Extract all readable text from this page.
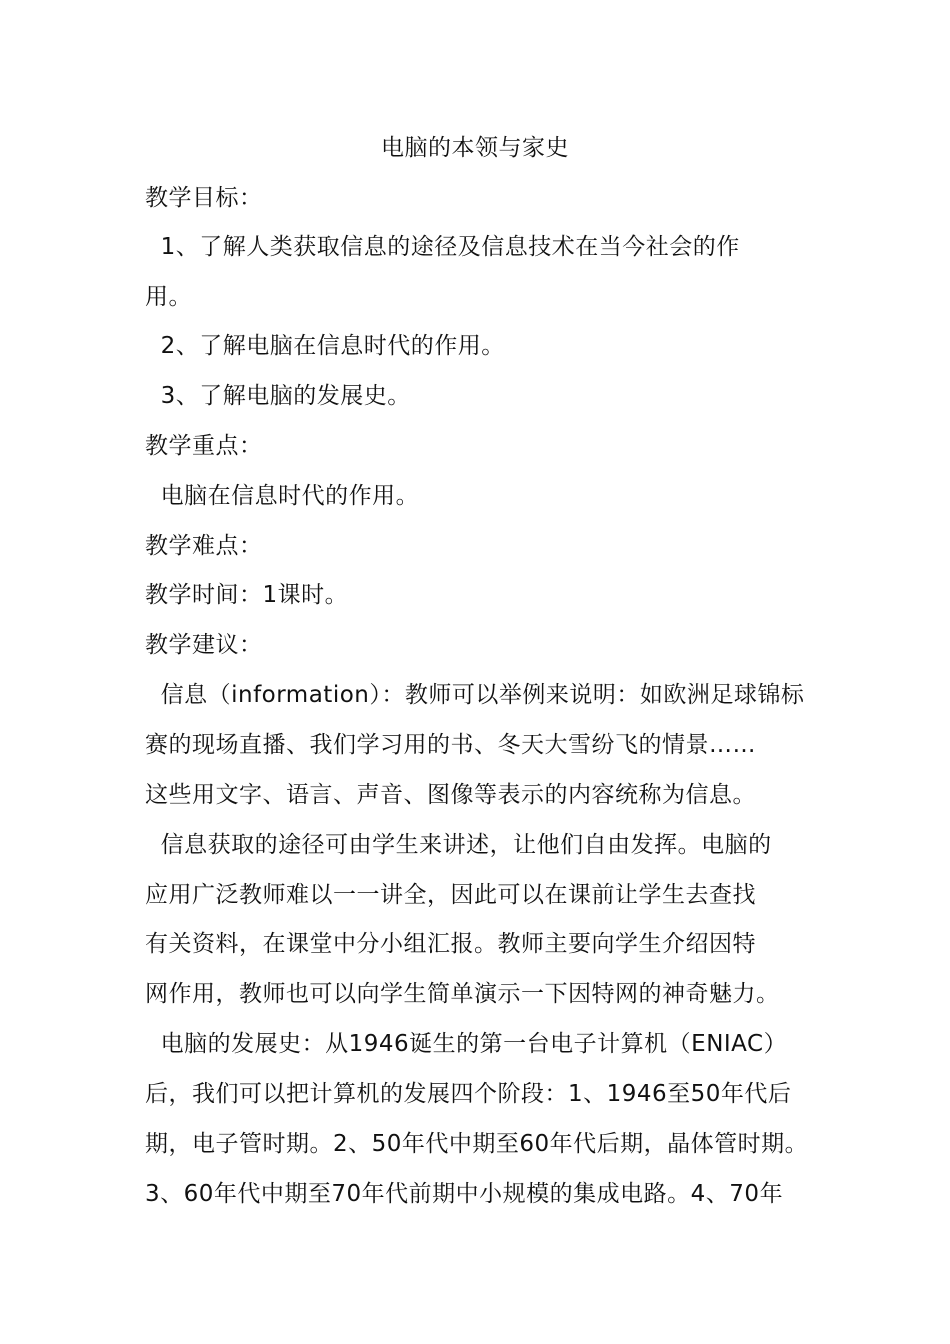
电脑的本领与家史
教学目标：
1、了解人类获取信息的途径及信息技术在当今社会的作
用。
2、了解电脑在信息时代的作用。
3、了解电脑的发展史。
教学重点：
电脑在信息时代的作用。
教学难点：
教学时间：1课时。
教学建议：
信息（information）：教师可以举例来说明：如欧洲足球锦标
赛的现场直播、我们学习用的书、冬天大雪纷飞的情景……
这些用文字、语言、声音、图像等表示的内容统称为信息。
信息获取的途径可由学生来讲述，让他们自由发挥。电脑的
应用广泛教师难以一一讲全，因此可以在课前让学生去查找
有关资料，在课堂中分小组汇报。教师主要向学生介绍因特
网作用，教师也可以向学生简单演示一下因特网的神奇魅力。
电脑的发展史：从1946诞生的第一台电子计算机（ENIAC）
后，我们可以把计算机的发展四个阶段：1、1946至50年代后
期，电子管时期。2、50年代中期至60年代后期，晶体管时期。
3、60年代中期至70年代前期中小规模的集成电路。4、70年
